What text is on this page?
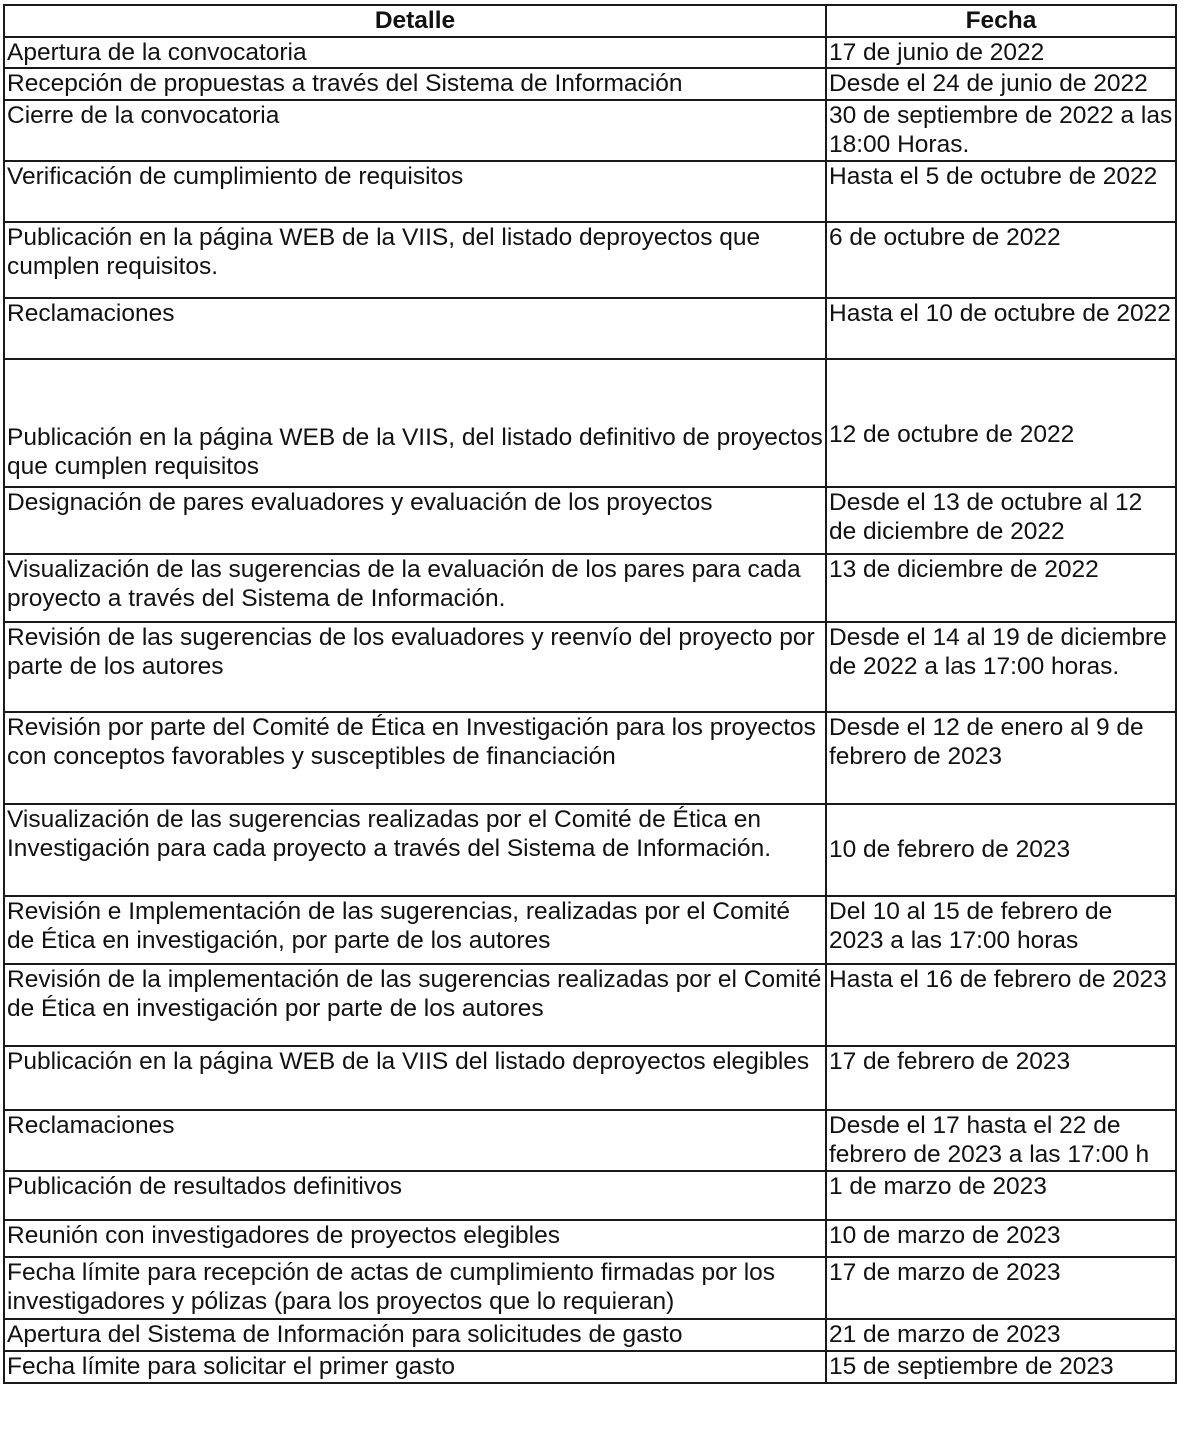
Detalle	Fecha
Apertura de la convocatoria	17 de junio de 2022
Recepción de propuestas a través del Sistema de Información	Desde el 24 de junio de 2022
Cierre de la convocatoria	30 de septiembre de 2022 a las 18:00 Horas.
Verificación de cumplimiento de requisitos	Hasta el 5 de octubre de 2022
Publicación en la página WEB de la VIIS, del listado deproyectos que cumplen requisitos.	6 de octubre de 2022
Reclamaciones	Hasta el 10 de octubre de 2022
Publicación en la página WEB de la VIIS, del listado definitivo de proyectos que cumplen requisitos	12 de octubre de 2022
Designación de pares evaluadores y evaluación de los proyectos	Desde el 13 de octubre al 12 de diciembre de 2022
Visualización de las sugerencias de la evaluación de los pares para cada proyecto a través del Sistema de Información.	13 de diciembre de 2022
Revisión de las sugerencias de los evaluadores y reenvío del proyecto por parte de los autores	Desde el 14 al 19 de diciembre de 2022 a las 17:00 horas.
Revisión por parte del Comité de Ética en Investigación para los proyectos con conceptos favorables y susceptibles de financiación	Desde el 12 de enero al 9 de febrero de 2023
Visualización de las sugerencias realizadas por el Comité de Ética en Investigación para cada proyecto a través del Sistema de Información.	10 de febrero de 2023
Revisión e Implementación de las sugerencias, realizadas por el Comité de Ética en investigación, por parte de los autores	Del 10 al 15 de febrero de 2023 a las 17:00 horas
Revisión de la implementación de las sugerencias realizadas por el Comité de Ética en investigación por parte de los autores	Hasta el 16 de febrero de 2023
Publicación en la página WEB de la VIIS del listado deproyectos elegibles	17 de febrero de 2023
Reclamaciones	Desde el 17 hasta el 22 de febrero de 2023 a las 17:00 h
Publicación de resultados definitivos	1 de marzo de 2023
Reunión con investigadores de proyectos elegibles	10 de marzo de 2023
Fecha límite para recepción de actas de cumplimiento firmadas por los investigadores y pólizas (para los proyectos que lo requieran)	17 de marzo de 2023
Apertura del Sistema de Información para solicitudes de gasto	21 de marzo de 2023
Fecha límite para solicitar el primer gasto	15 de septiembre de 2023
